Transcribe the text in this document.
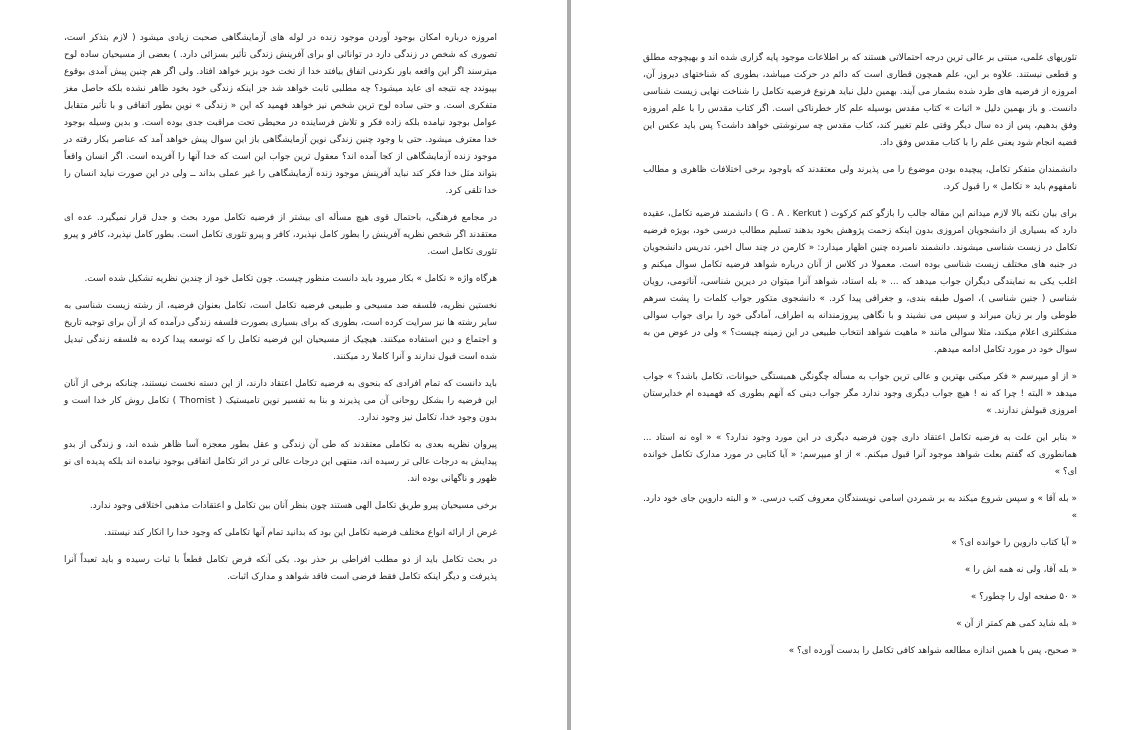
امروزه درباره امکان بوجود آوردن موجود زنده در لوله های آزمایشگاهی صحبت زیادی میشود ( لازم بتذکر است، تصوری که شخص در زندگی دارد در توانائی او برای آفرینش زندگی تأثیر بسزائی دارد. ) بعضی از مسیحیان ساده لوح میترسند اگر این واقعه باور نکردنی اتفاق بیافتد خدا از تخت خود بزیر خواهد افتاد. ولی اگر هم چنین پیش آمدی بوقوع بپیوندد چه نتیجه ای عاید میشود؟ چه مطلبی ثابت خواهد شد جز اینکه زندگی خود بخود ظاهر نشده بلکه حاصل مغز متفکری است. و حتی ساده لوح ترین شخص نیز خواهد فهمید که این « زندگی » نوین بطور اتفاقی و با تأثیر متقابل عوامل بوجود نیامده بلکه زاده فکر و تلاش فرساینده در محیطی تحت مراقبت جدی بوده است. و بدین وسیله بوجود خدا معترف میشود. حتی با وجود چنین زندگی نوین آزمایشگاهی باز این سوال پیش خواهد آمد که عناصر بکار رفته در موجود زنده آزمایشگاهی از کجا آمده اند؟ معقول ترین جواب این است که خدا آنها را آفریده است. اگر انسان واقعاً بتواند مثل خدا فکر کند نباید آفرینش موجود زنده آزمایشگاهی را غیر عملی بداند ــ ولی در این صورت نباید انسان را خدا تلقی کرد.

در مجامع فرهنگی، باحتمال قوی هیچ مسأله ای بیشتر از فرضیه تکامل مورد بحث و جدل قرار نمیگیرد. عده ای معتقدند اگر شخص نظریه آفرینش را بطور کامل نپذیرد، کافر و پیرو تئوری تکامل است. بطور کامل نپذیرد، کافر و پیرو تئوری تکامل است.

هرگاه واژه « تکامل » بکار میرود باید دانست منظور چیست. چون تکامل خود از چندین نظریه تشکیل شده است.

نخستین نظریه، فلسفه ضد مسیحی و طبیعی فرضیه تکامل است، تکامل بعنوان فرضیه، از رشته زیست شناسی به سایر رشته ها نیز سرایت کرده است، بطوری که برای بسیاری بصورت فلسفه زندگی درآمده که از آن برای توجیه تاریخ و اجتماع و دین استفاده میکنند. هیچیک از مسیحیان این فرضیه تکامل را که توسعه پیدا کرده به فلسفه زندگی تبدیل شده است قبول ندارند و آنرا کاملا رد میکنند.

باید دانست که تمام افرادی که بنحوی به فرضیه تکامل اعتقاد دارند، از این دسته نخست نیستند، چنانکه برخی از آنان این فرضیه را بشکل روحانی آن می پذیرند و بنا به تفسیر نوین تامیستیک ( Thomist ) تکامل روش کار خدا است و بدون وجود خدا، تکامل نیز وجود ندارد.

پیروان نظریه بعدی به تکاملی معتقدند که طی آن زندگی و عقل بطور معجزه آسا ظاهر شده اند، و زندگی از بدو پیدایش به درجات عالی تر رسیده اند، منتهی این درجات عالی تر در اثر تکامل اتفاقی بوجود نیامده اند بلکه پدیده ای نو ظهور و ناگهانی بوده اند.

برخی مسیحیان پیرو طریق تکامل الهی هستند چون بنظر آنان بین تکامل و اعتقادات مذهبی اختلافی وجود ندارد.

غرض از ارائه انواع مختلف فرضیه تکامل این بود که بدانید تمام آنها تکاملی که وجود خدا را انکار کند نیستند.

در بحث تکامل باید از دو مطلب افراطی بر حذر بود. یکی آنکه فرض تکامل قطعاً با ثبات رسیده و باید تعبداً آنرا پذیرفت و دیگر اینکه تکامل فقط فرضی است فاقد شواهد و مدارک اثبات.

تئوریهای علمی، مبتنی بر عالی ترین درجه احتمالاتی هستند که بر اطلاعات موجود پایه گزاری شده اند و بهیچوجه مطلق و قطعی نیستند. علاوه بر این، علم همچون قطاری است که دائم در حرکت میباشد، بطوری که شناختهای دیروز آن، امروزه از فرضیه های طرد شده بشمار می آیند. بهمین دلیل نباید هرنوع فرضیه تکامل را شناخت نهایی زیست شناسی دانست. و باز بهمین دلیل « اثبات » کتاب مقدس بوسیله علم کار خطرناکی است. اگر کتاب مقدس را با علم امروزه وفق بدهیم، پس از ده سال دیگر وقتی علم تغییر کند، کتاب مقدس چه سرنوشتی خواهد داشت؟ پس باید عکس این قضیه انجام شود یعنی علم را با کتاب مقدس وفق داد.

دانشمندان متفکر تکامل، پیچیده بودن موضوع را می پذیرند ولی معتقدند که باوجود برخی اختلافات ظاهری و مطالب نامفهوم باید « تکامل » را قبول کرد.

برای بیان نکته بالا لازم میدانم این مقاله جالب را بازگو کنم کرکوت ( G . A . Kerkut ) دانشمند فرضیه تکامل، عقیده دارد که بسیاری از دانشجویان امروزی بدون اینکه زحمت پژوهش بخود بدهند تسلیم مطالب درسی خود، بویژه فرضیه تکامل در زیست شناسی میشوند. دانشمند نامبرده چنین اظهار میدارد: « کارمن در چند سال اخیر، تدریس دانشجویان در جنبه های مختلف زیست شناسی بوده است. معمولا در کلاس از آنان درباره شواهد فرضیه تکامل سوال میکنم و اغلب یکی به نمایندگی دیگران جواب میدهد که ... « بله استاد، شواهد آنرا میتوان در دیرین شناسی، آناتومی، رویان شناسی ( جنین شناسی )، اصول طبقه بندی، و جغرافی پیدا کرد. » دانشجوی متکور جواب کلمات را پشت سرهم طوطی وار بر زبان میراند و سپس می نشیند و با نگاهی پیروزمندانه به اطراف، آمادگی خود را برای جواب سوالی مشکلتری اعلام میکند، مثلا سوالی مانند « ماهیت شواهد انتخاب طبیعی در این زمینه چیست؟ » ولی در عوض من به سوال خود در مورد تکامل ادامه میدهم.

« از او میپرسم « فکر میکنی بهترین و عالی ترین جواب به مسأله چگونگی همبستگی حیوانات، تکامل باشد؟ » جواب میدهد « البته ! چرا که نه ! هیچ جواب دیگری وجود ندارد مگر جواب دینی که آنهم بطوری که فهمیده ام خدایرستان امروزی قبولش ندارند. »

« بنابر این علت به فرضیه تکامل اعتقاد داری چون فرضیه دیگری در این مورد وجود ندارد؟ » « اوه نه استاد ... همانطوری که گفتم بعلت شواهد موجود آنرا قبول میکنم. » از او میپرسم: « آیا کتابی در مورد مدارک تکامل خوانده ای؟ »

« بله آقا » و سپس شروع میکند به بر شمردن اسامی نویسندگان معروف کتب درسی. « و البته داروین جای خود دارد. »

« آیا کتاب داروین را خوانده ای؟ »

« بله آقا، ولی نه همه اش را »

« ۵۰ صفحه اول را چطور؟ »

« بله شاید کمی هم کمتر از آن »

« صحیح، پس با همین اندازه مطالعه شواهد کافی تکامل را بدست آورده ای؟ »
